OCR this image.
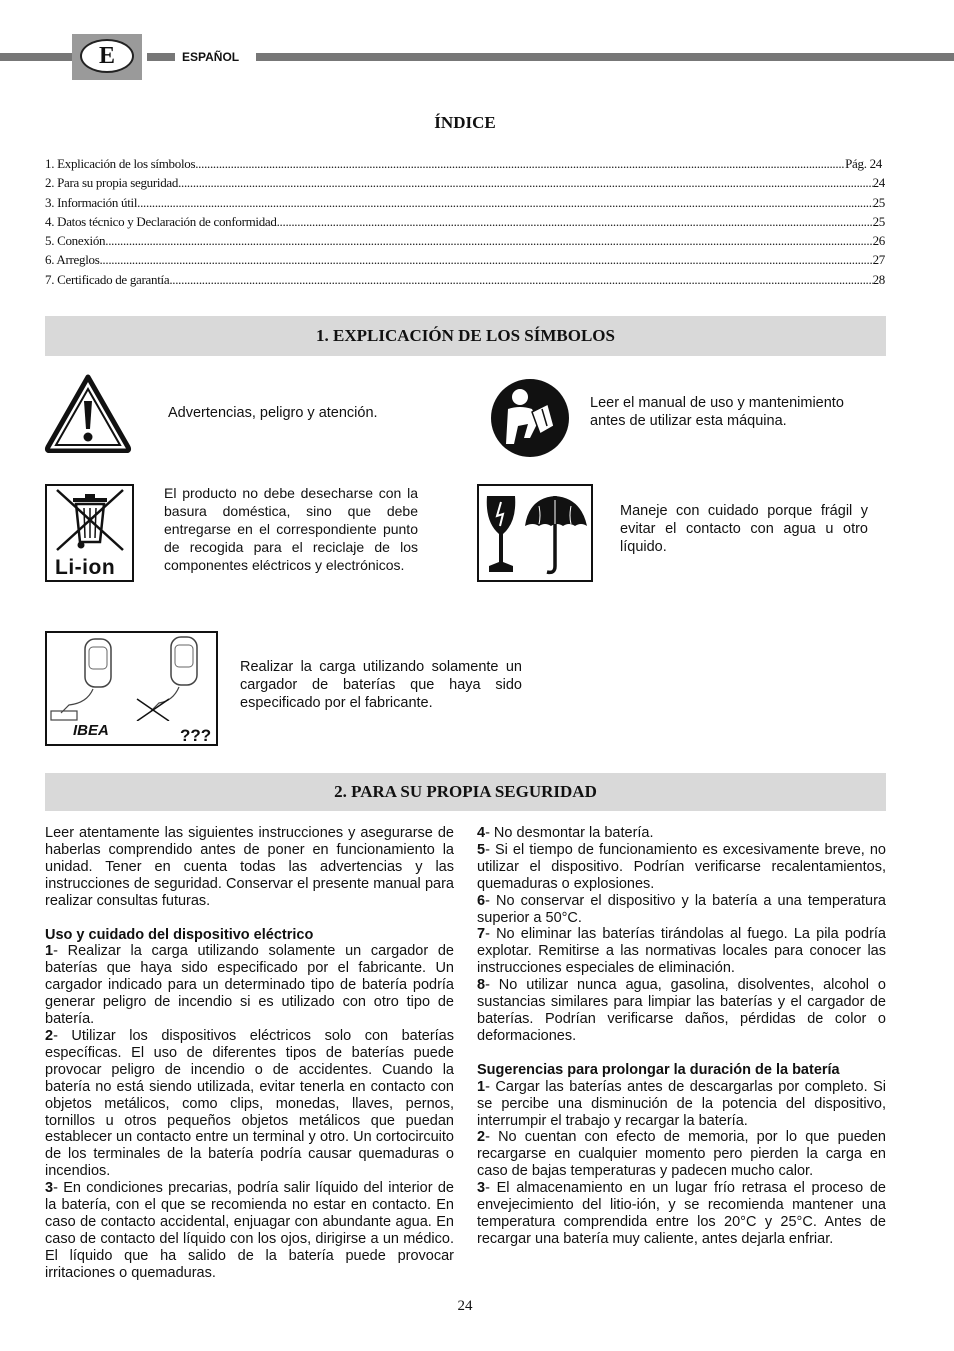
E	ESPAÑOL
ÍNDICE
1. Explicación de los símbolos .....	Pág. 24
2. Para su propia seguridad .....	24
3. Información útil .....	25
4. Datos técnico y Declaración de conformidad .....	25
5. Conexión .....	26
6. Arreglos .....	27
7. Certificado de garantía .....	28
1. EXPLICACIÓN DE LOS SÍMBOLOS
Advertencias, peligro y atención.
Leer el manual de uso y mantenimiento antes de utilizar esta máquina.
Li-ion
El producto no debe desecharse con la basura doméstica, sino que debe entregarse en el correspondiente punto de recogida para el reciclaje de los componentes eléctricos y electrónicos.
Maneje con cuidado porque frágil y evitar el contacto con agua u otro líquido.
IBEA	???
Realizar la carga utilizando solamente un cargador de baterías que haya sido especificado por el fabricante.
2. PARA SU PROPIA SEGURIDAD

Leer atentamente las siguientes instrucciones y asegurarse de haberlas comprendido antes de poner en funcionamiento la unidad. Tener en cuenta todas las advertencias y las instrucciones de seguridad. Conservar el presente manual para realizar consultas futuras.

Uso y cuidado del dispositivo eléctrico

1- Realizar la carga utilizando solamente un cargador de baterías que haya sido especificado por el fabricante. Un cargador indicado para un determinado tipo de batería podría generar peligro de incendio si es utilizado con otro tipo de batería.

2- Utilizar los dispositivos eléctricos solo con baterías específicas. El uso de diferentes tipos de baterías puede provocar peligro de incendio o de accidentes. Cuando la batería no está siendo utilizada, evitar tenerla en contacto con objetos metálicos, como clips, monedas, llaves, pernos, tornillos u otros pequeños objetos metálicos que puedan establecer un contacto entre un terminal y otro. Un cortocircuito de los terminales de la batería podría causar quemaduras o incendios.

3- En condiciones precarias, podría salir líquido del interior de la batería, con el que se recomienda no estar en contacto. En caso de contacto accidental, enjuagar con abundante agua. En caso de contacto del líquido con los ojos, dirigirse a un médico. El líquido que ha salido de la batería puede provocar irritaciones o quemaduras.

4- No desmontar la batería.

5- Si el tiempo de funcionamiento es excesivamente breve, no utilizar el dispositivo. Podrían verificarse recalentamientos, quemaduras o explosiones.

6- No conservar el dispositivo y la batería a una temperatura superior a 50°C.

7- No eliminar las baterías tirándolas al fuego. La pila podría explotar. Remitirse a las normativas locales para conocer las instrucciones especiales de eliminación.

8- No utilizar nunca agua, gasolina, disolventes, alcohol o sustancias similares para limpiar las baterías y el cargador de baterías. Podrían verificarse daños, pérdidas de color o deformaciones.

Sugerencias para prolongar la duración de la batería

1- Cargar las baterías antes de descargarlas por completo. Si se percibe una disminución de la potencia del dispositivo, interrumpir el trabajo y recargar la batería.

2- No cuentan con efecto de memoria, por lo que pueden recargarse en cualquier momento pero pierden la carga en caso de bajas temperaturas y padecen mucho calor.

3- El almacenamiento en un lugar frío retrasa el proceso de envejecimiento del litio-ión, y se recomienda mantener una temperatura comprendida entre los 20°C y 25°C. Antes de recargar una batería muy caliente, antes dejarla enfriar.

24
